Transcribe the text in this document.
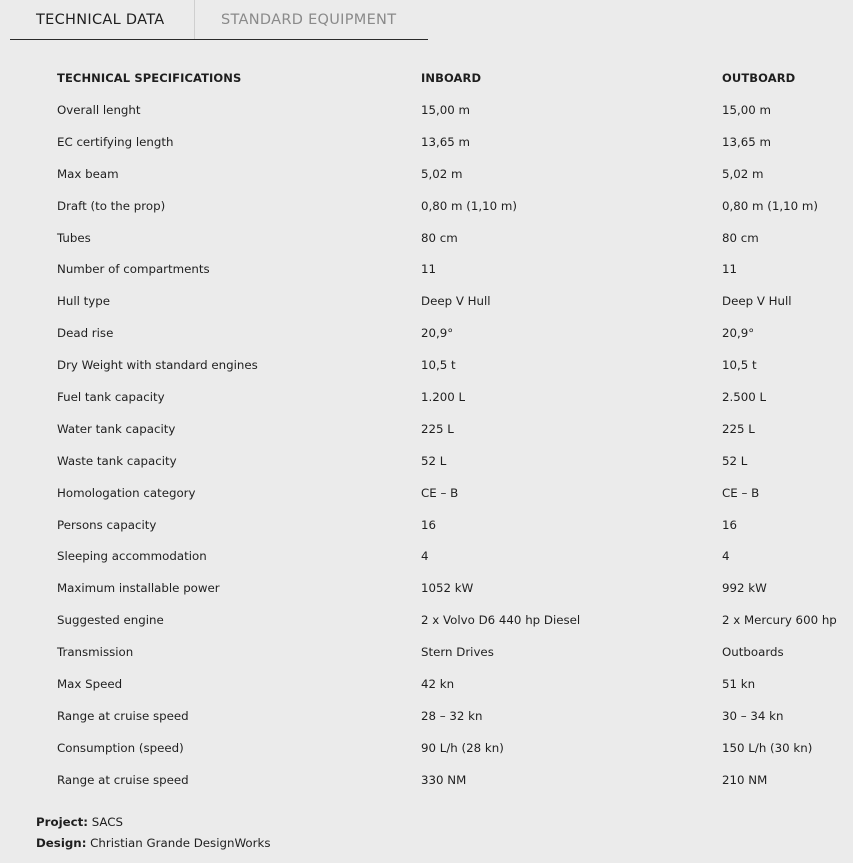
TECHNICAL DATA	STANDARD EQUIPMENT
TECHNICAL SPECIFICATIONS	INBOARD	OUTBOARD
Overall lenght	15,00 m	15,00 m
EC certifying length	13,65 m	13,65 m
Max beam	5,02 m	5,02 m
Draft (to the prop)	0,80 m (1,10 m)	0,80 m (1,10 m)
Tubes	80 cm	80 cm
Number of compartments	11	11
Hull type	Deep V Hull	Deep V Hull
Dead rise	20,9°	20,9°
Dry Weight with standard engines	10,5 t	10,5 t
Fuel tank capacity	1.200 L	2.500 L
Water tank capacity	225 L	225 L
Waste tank capacity	52 L	52 L
Homologation category	CE – B	CE – B
Persons capacity	16	16
Sleeping accommodation	4	4
Maximum installable power	1052 kW	992 kW
Suggested engine	2 x Volvo D6 440 hp Diesel	2 x Mercury 600 hp
Transmission	Stern Drives	Outboards
Max Speed	42 kn	51 kn
Range at cruise speed	28 – 32 kn	30 – 34 kn
Consumption (speed)	90 L/h (28 kn)	150 L/h (30 kn)
Range at cruise speed	330 NM	210 NM
Project: SACS
Design: Christian Grande DesignWorks
